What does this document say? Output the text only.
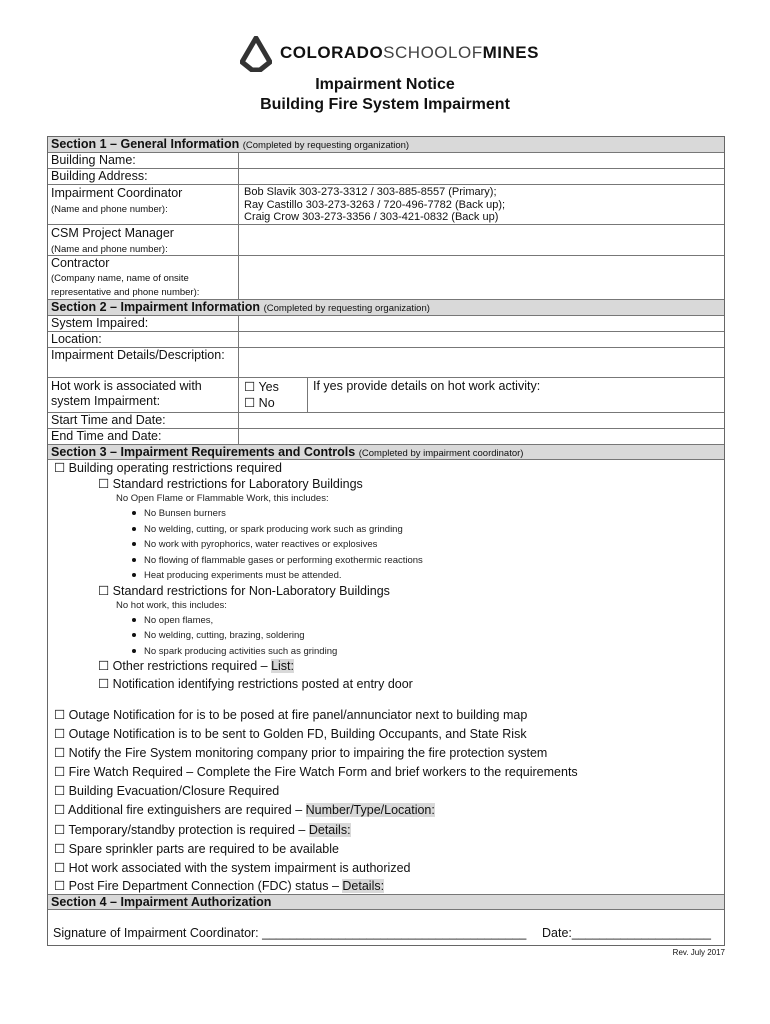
COLORADOSCHOOLOFMINES
Impairment Notice
Building Fire System Impairment
Section 1 – General Information (Completed by requesting organization)
Building Name:
Building Address:
Impairment Coordinator
(Name and phone number):
Bob Slavik 303-273-3312 / 303-885-8557 (Primary);
Ray Castillo 303-273-3263 / 720-496-7782 (Back up);
Craig Crow 303-273-3356 / 303-421-0832 (Back up)
CSM Project Manager
(Name and phone number):
Contractor
(Company name, name of onsite
representative and phone number):
Section 2 – Impairment Information (Completed by requesting organization)
System Impaired:
Location:
Impairment Details/Description:
Hot work is associated with
system Impairment:
☐ Yes
☐ No
If yes provide details on hot work activity:
Start Time and Date:
End Time and Date:
Section 3 – Impairment Requirements and Controls (Completed by impairment coordinator)
☐ Building operating restrictions required
☐ Standard restrictions for Laboratory Buildings
No Open Flame or Flammable Work, this includes:
No Bunsen burners
No welding, cutting, or spark producing work such as grinding
No work with pyrophorics, water reactives or explosives
No flowing of flammable gases or performing exothermic reactions
Heat producing experiments must be attended.
☐ Standard restrictions for Non-Laboratory Buildings
No hot work, this includes:
No open flames,
No welding, cutting, brazing, soldering
No spark producing activities such as grinding
☐ Other restrictions required – List:
☐ Notification identifying restrictions posted at entry door
☐ Outage Notification for is to be posed at fire panel/annunciator next to building map
☐ Outage Notification is to be sent to Golden FD, Building Occupants, and State Risk
☐ Notify the Fire System monitoring company prior to impairing the fire protection system
☐ Fire Watch Required – Complete the Fire Watch Form and brief workers to the requirements
☐ Building Evacuation/Closure Required
☐ Additional fire extinguishers are required – Number/Type/Location:
☐ Temporary/standby protection is required – Details:
☐ Spare sprinkler parts are required to be available
☐ Hot work associated with the system impairment is authorized
☐ Post Fire Department Connection (FDC) status – Details:
Section 4 – Impairment Authorization
Signature of Impairment Coordinator: ______________________________________ Date:____________________
Rev. July 2017
